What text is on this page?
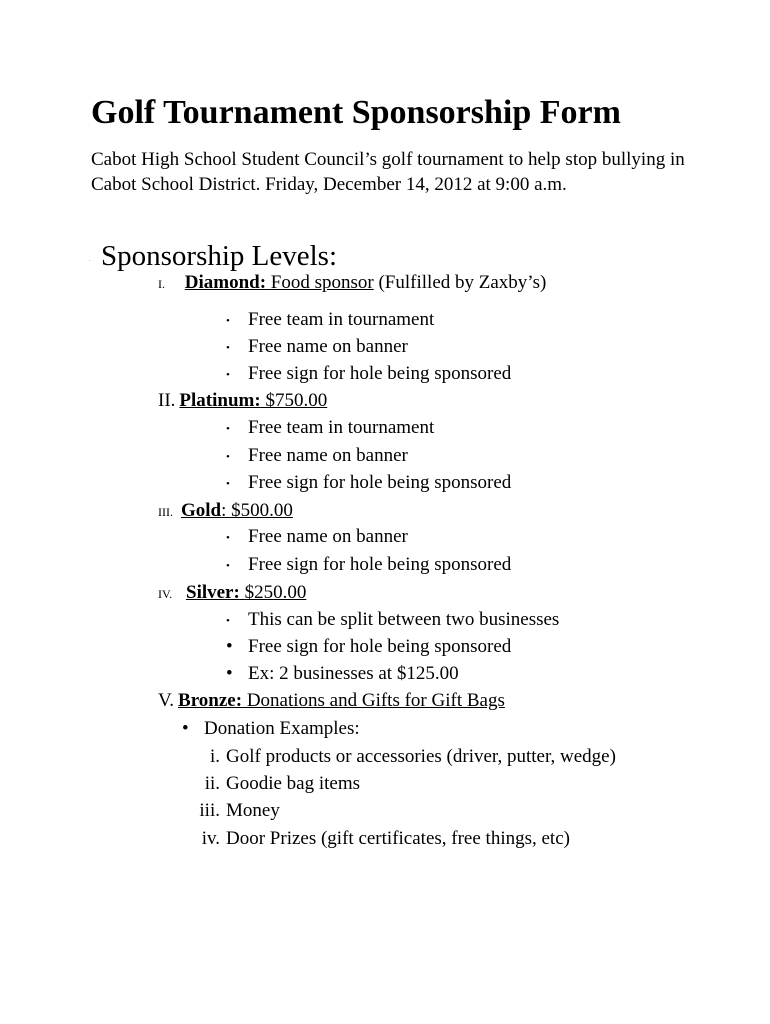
Golf Tournament Sponsorship Form
Cabot High School Student Council’s golf tournament to help stop bullying in Cabot School District. Friday, December 14, 2012 at 9:00 a.m.
. Sponsorship Levels:
I. Diamond: Food sponsor (Fulfilled by Zaxby’s)
• Free team in tournament
• Free name on banner
• Free sign for hole being sponsored
II. Platinum: $750.00
• Free team in tournament
• Free name on banner
• Free sign for hole being sponsored
III. Gold: $500.00
• Free name on banner
• Free sign for hole being sponsored
IV. Silver: $250.00
• This can be split between two businesses
• Free sign for hole being sponsored
• Ex: 2 businesses at $125.00
V. Bronze: Donations and Gifts for Gift Bags
• Donation Examples:
i. Golf products or accessories (driver, putter, wedge)
ii. Goodie bag items
iii. Money
iv. Door Prizes (gift certificates, free things, etc)
